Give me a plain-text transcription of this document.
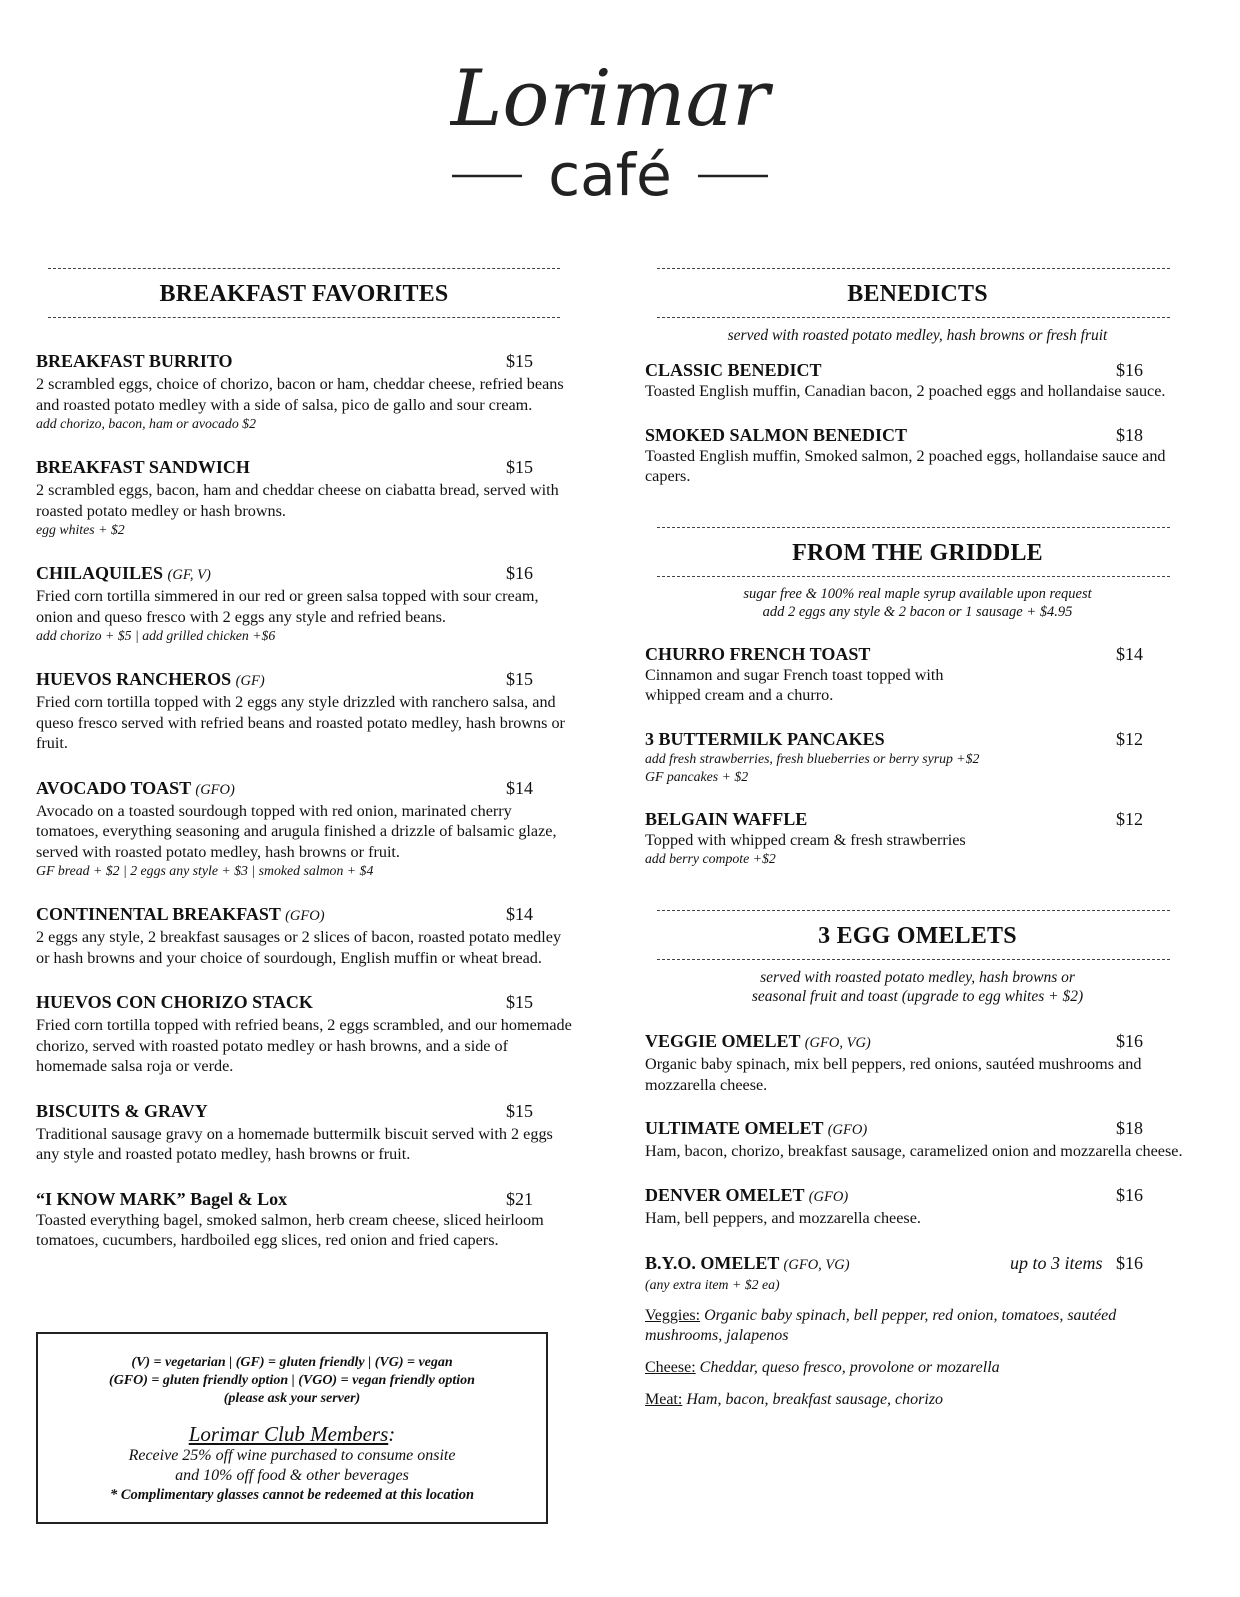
Lorimar
café
BREAKFAST FAVORITES
BREAKFAST BURRITO	$15
2 scrambled eggs, choice of chorizo, bacon or ham, cheddar cheese, refried beans and roasted potato medley with a side of salsa, pico de gallo and sour cream.
add chorizo, bacon, ham or avocado $2
BREAKFAST SANDWICH	$15
2 scrambled eggs, bacon, ham and cheddar cheese on ciabatta bread, served with roasted potato medley or hash browns.
egg whites + $2
CHILAQUILES (GF, V)	$16
Fried corn tortilla simmered in our red or green salsa topped with sour cream, onion and queso fresco with 2 eggs any style and refried beans.
add chorizo + $5 | add grilled chicken +$6
HUEVOS RANCHEROS (GF)	$15
Fried corn tortilla topped with 2 eggs any style drizzled with ranchero salsa, and queso fresco served with refried beans and roasted potato medley, hash browns or fruit.
AVOCADO TOAST (GFO)	$14
Avocado on a toasted sourdough topped with red onion, marinated cherry tomatoes, everything seasoning and arugula finished a drizzle of balsamic glaze, served with roasted potato medley, hash browns or fruit.
GF bread + $2 | 2 eggs any style + $3 | smoked salmon + $4
CONTINENTAL BREAKFAST (GFO)	$14
2 eggs any style, 2 breakfast sausages or 2 slices of bacon, roasted potato medley or hash browns and your choice of sourdough, English muffin or wheat bread.
HUEVOS CON CHORIZO STACK	$15
Fried corn tortilla topped with refried beans, 2 eggs scrambled, and our homemade chorizo, served with roasted potato medley or hash browns, and a side of homemade salsa roja or verde.
BISCUITS & GRAVY	$15
Traditional sausage gravy on a homemade buttermilk biscuit served with 2 eggs any style and roasted potato medley, hash browns or fruit.
“I KNOW MARK” Bagel & Lox	$21
Toasted everything bagel, smoked salmon, herb cream cheese, sliced heirloom tomatoes, cucumbers, hardboiled egg slices, red onion and fried capers.
(V) = vegetarian | (GF) = gluten friendly | (VG) = vegan
(GFO) = gluten friendly option | (VGO) = vegan friendly option
(please ask your server)
Lorimar Club Members:
Receive 25% off wine purchased to consume onsite
and 10% off food & other beverages
* Complimentary glasses cannot be redeemed at this location
BENEDICTS
served with roasted potato medley, hash browns or fresh fruit
CLASSIC BENEDICT	$16
Toasted English muffin, Canadian bacon, 2 poached eggs and hollandaise sauce.
SMOKED SALMON BENEDICT	$18
Toasted English muffin, Smoked salmon, 2 poached eggs, hollandaise sauce and capers.
FROM THE GRIDDLE
sugar free & 100% real maple syrup available upon request
add 2 eggs any style & 2 bacon or 1 sausage + $4.95
CHURRO FRENCH TOAST	$14
Cinnamon and sugar French toast topped with whipped cream and a churro.
3 BUTTERMILK PANCAKES	$12
add fresh strawberries, fresh blueberries or berry syrup +$2
GF pancakes + $2
BELGAIN WAFFLE	$12
Topped with whipped cream & fresh strawberries
add berry compote +$2
3 EGG OMELETS
served with roasted potato medley, hash browns or
seasonal fruit and toast (upgrade to egg whites + $2)
VEGGIE OMELET (GFO, VG)	$16
Organic baby spinach, mix bell peppers, red onions, sautéed mushrooms and mozzarella cheese.
ULTIMATE OMELET (GFO)	$18
Ham, bacon, chorizo, breakfast sausage, caramelized onion and mozzarella cheese.
DENVER OMELET (GFO)	$16
Ham, bell peppers, and mozzarella cheese.
B.Y.O. OMELET (GFO, VG)	up to 3 items $16
(any extra item + $2 ea)
Veggies: Organic baby spinach, bell pepper, red onion, tomatoes, sautéed mushrooms, jalapenos
Cheese: Cheddar, queso fresco, provolone or mozarella
Meat: Ham, bacon, breakfast sausage, chorizo
